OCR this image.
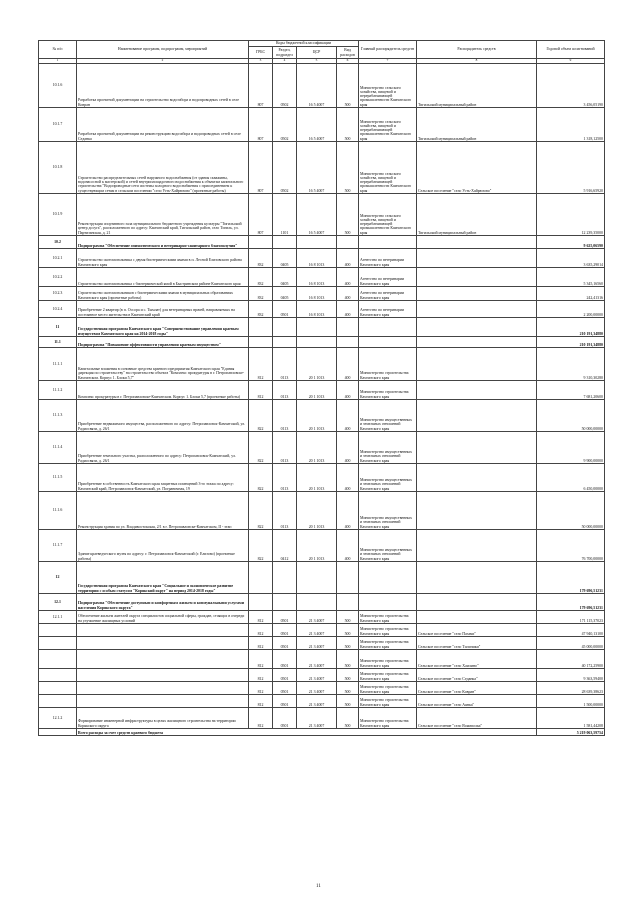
№ п/п	Наименование программ, подпрограмм, мероприятий	Коды бюджетной классификации				Главный распорядитель средств	Распорядитель средств	Годовой объем ассигнований
		ГРБС	Раздел, подраздел	ЦСР	Вид расходов			
1	2	3	4	5	6	7	8	9
10.1.6	Разработка проектной документации на строительство водозабора и водопроводных сетей в селе Ковран	807	0502	16 5 4007	500	Министерство сельского хозяйства, пищевой и перерабатывающей промышленности Камчатского края	Тигильский муниципальный район	3 456,05190
10.1.7	Разработка проектной документации на реконструкцию водозабора и водопроводных сетей в селе Седанка	807	0502	16 5 4007	500	Министерство сельского хозяйства, пищевой и перерабатывающей промышленности Камчатского края	Тигильский муниципальный район	1 318,12500
10.1.8	Строительство распределительных сетей наружного водоснабжения (от здания скважины, водонасосной к мастерской) и сетей внутриплощадочного водоснабжения к объектам капитального строительства "Водопроводные сети системы холодного водоснабжения с присоединением к существующим сетям в сельском поселении "село Усть-Хайрюзово" (проектные работы)	807	0502	16 5 4007	500	Министерство сельского хозяйства, пищевой и перерабатывающей промышленности Камчатского края	Сельское поселение "село Усть-Хайрюзово"	5 916,65920
10.1.9	Реконструкция спортивного зала муниципального бюджетного учреждения культуры "Тигильский центр досуга", расположенного по адресу: Камчатский край, Тигильский район, село Тигиль, ул. Партизанская, д. 21	807	1101	16 5 4007	500	Министерство сельского хозяйства, пищевой и перерабатывающей промышленности Камчатского края	Тигильский муниципальный район	12 239,35000
10.2	Подпрограмма "Обеспечение эпизоотического и ветеринарно-санитарного благополучия"							9 625,06590
10.2.1	Строительство скотомогильника с двумя биотермическими ямами в п. Лесной Елизовского района Камчатского края	832	0405	16 8 1013	400	Агентство по ветеринарии Камчатского края		3 635,29014
10.2.2	Строительство скотомогильника с биотермической ямой в Быстринском районе Камчатского края	832	0405	16 8 1013	400	Агентство по ветеринарии Камчатского края		5 345,16560
10.2.3	Строительство скотомогильников с биотермическими ямами в муниципальных образованиях Камчатского края (проектные работы)	832	0405	16 8 1013	400	Агентство по ветеринарии Камчатского края		242,41316
10.2.4	Приобретение 2 квартир (в п. Оссора и с. Тымлат) для ветеринарных врачей, направляемых на постоянное место жительства в Камчатский край	832	0501	16 8 1013	400	Агентство по ветеринарии Камчатского края		2 200,00000
11	Государственная программа Камчатского края "Совершенствование управления краевым имуществом Камчатского края на 2014-2018 годы"							210 191,34880
11.1	Подпрограмма "Повышение эффективности управления краевым имуществом"							210 191,34880
11.1.1	Капитальные вложения в основные средства краевого предприятия Камчатского края "Единая дирекция по строительству" на строительство объекта "Комплекс прокуратуры в г. Петропавловске-Камчатском. Корпус 1. Блоки 5,7"	812	0113	20 1 1013	400	Министерство строительства Камчатского края		9 310,30280
11.1.2	Комплекс прокуратуры в г. Петропавловске-Камчатском. Корпус 1. Блоки 5,7 (проектные работы)	812	0113	20 1 1013	400	Министерство строительства Камчатского края		7 681,20600
11.1.3	Приобретение недвижимого имущества, расположенного по адресу: Петропавловск-Камчатский, ул. Радиосвязи, д. 26/1	822	0113	20 1 1013	400	Министерство имущественных и земельных отношений Камчатского края		50 000,00000
11.1.4	Приобретение земельного участка, расположенного по адресу: Петропавловск-Камчатский, ул. Радиосвязи, д. 26/1	822	0113	20 1 1013	400	Министерство имущественных и земельных отношений Камчатского края		9 900,00000
11.1.5	Приобретение в собственность Камчатского края защитных помещений 3-го этажа по адресу: Камчатский край, Петропавловск-Камчатский, ул. Пограничная, 19	822	0113	20 1 1013	400	Министерство имущественных и земельных отношений Камчатского края		6 450,00000
11.1.6	Реконструкция здания по ул. Владивостокская, 2/1 в г. Петропавловске-Камчатском, II - этап	822	0113	20 1 1013	400	Министерство имущественных и земельных отношений Камчатского края		50 000,00000
11.1.7	Здание краеведческого музея по адресу: г. Петропавловск-Камчатский (г. Елизово) (проектные работы)	822	0412	20 1 1013	400	Министерство имущественных и земельных отношений Камчатского края		76 700,00000
12	Государственная программа Камчатского края "Социальное и экономическое развитие территории с особым статусом "Корякский округ" на период 2014-2018 годы"							179 696,51231
12.1	Подпрограмма "Обеспечение доступным и комфортным жильем и коммунальными услугами населения Корякского округа"							179 696,51231
12.1.1	Обеспечение жильем жителей округа специалистов социальной сферы, граждан, стоящих в очереди на улучшение жилищных условий	812	0501	21 3 4007	500	Министерство строительства Камчатского края		171 115,37023
		812	0501	21 3 4007	500	Министерство строительства Камчатского края	Сельское поселение "село Пахачи"	47 940,13100
		812	0501	21 3 4007	500	Министерство строительства Камчатского края	Сельское поселение "село Тиличики"	45 000,00000
		812	0501	21 3 4007	500	Министерство строительства Камчатского края	Сельское поселение "село Хаилино"	40 172,25900
		812	0501	21 3 4007	500	Министерство строительства Камчатского края	Сельское поселение "село Седанка"	9 363,59400
		812	0501	21 3 4007	500	Министерство строительства Камчатского края	Сельское поселение "село Ковран"	28 639,38623
		812	0501	21 3 4007	500	Министерство строительства Камчатского края	Сельское поселение "село Аянка"	1 500,00000
12.1.2	Формирование инженерной инфраструктуры в целях жилищного строительства на территории Корякского округа	812	0501	21 3 4007	500	Министерство строительства Камчатского края	Сельское поселение "село Воямполка"	1 581,44208
	Всего расходы за счет средств краевого бюджета							5 219 063,59754
11
